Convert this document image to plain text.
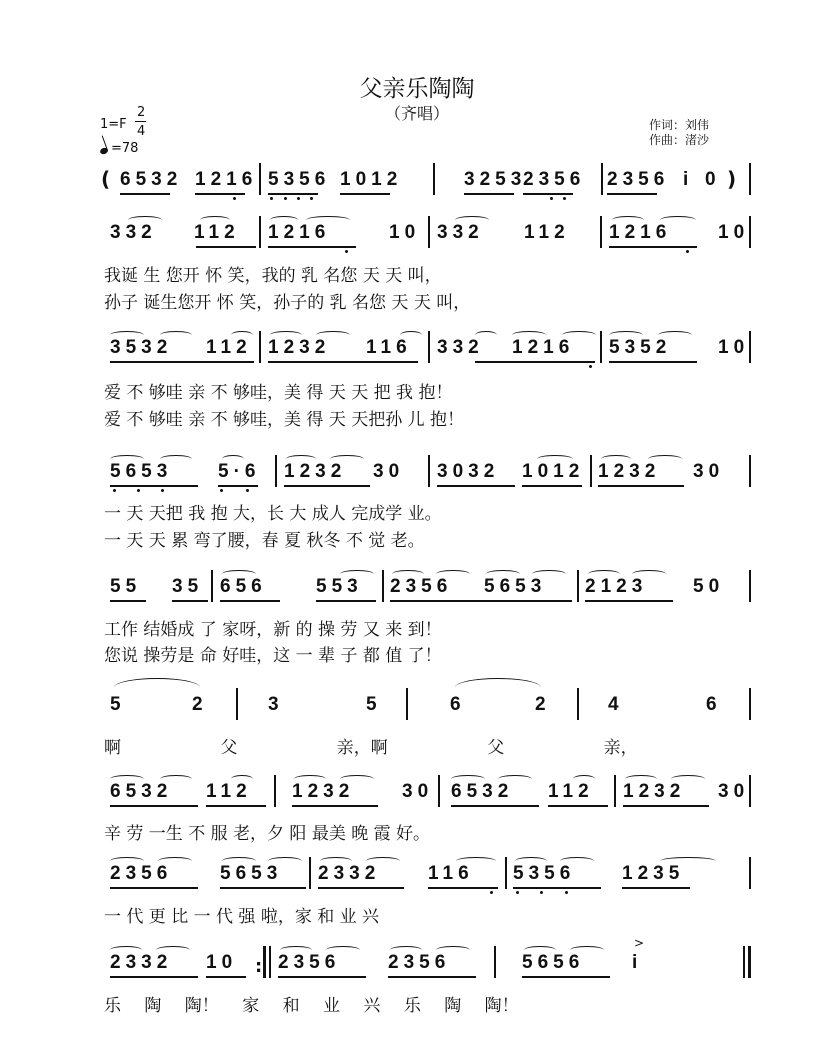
父亲乐陶陶
（齐唱）
1=F
2
4
=78
作词：刘伟
作曲：渚沙
( 6532 1216 5356 1012	3253
2356 2356 i 0 )
332 112 1216	10 332 112 1216 10
我诞 生 您开 怀 笑，我的 乳 名您 天 天 叫，
孙子 诞生您开 怀 笑，孙子的 乳 名您 天 天 叫，
3532 112 1232 116 332 1216 5352 10
爱 不 够哇 亲 不 够哇，美 得 天 天 把 我 抱！
爱 不 够哇 亲 不 够哇，美 得 天 天把孙 儿 抱！
5653 5·6 1232 30 3032 1012 1232 30
一 天 天把 我 抱 大，长 大 成人 完成学 业。
一 天 天 累 弯了腰，春 夏 秋冬 不 觉 老。
55 35 656	553 2356 5653 2123 50
工作 结婚成 了 家呀，新 的 操 劳 又 来 到！
您说 操劳是 命 好哇，这 一 辈 子 都 值 了！
5	2	3	5	6	2	4	6
啊 父 亲，啊 父 亲，
6532 112 1232	30 6532 112 1232 30
辛 劳 一生 不 服 老，夕 阳 最美 晚 霞 好。
2356	5653 2332	116 5356 1235
一 代 更 比 一 代 强 啦，家 和 业 兴
>
2332 10 : 2356	2356	5656	i
乐 陶 陶！ 家 和 业 兴 乐 陶 陶！
